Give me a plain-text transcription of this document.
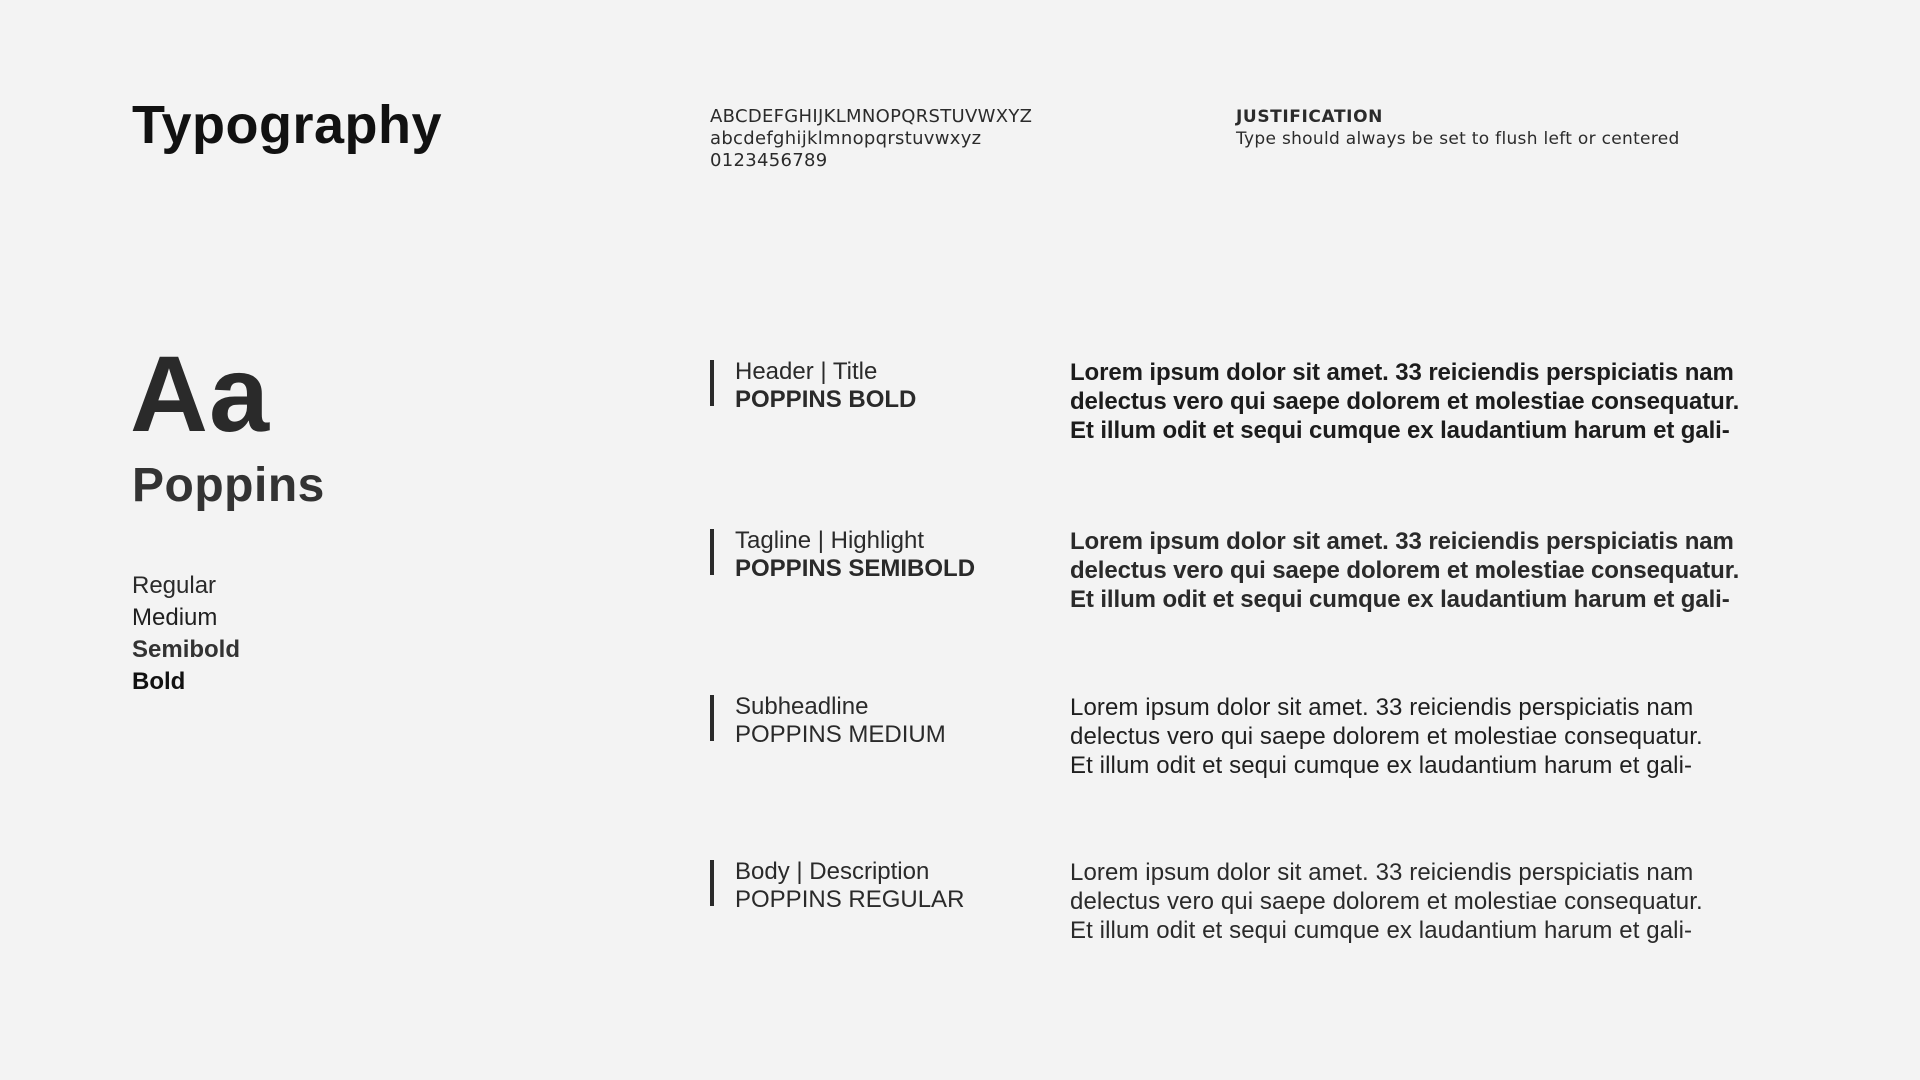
Typography	ABCDEFGHIJKLMNOPQRSTUVWXYZ
abcdefghijklmnopqrstuvwxyz
0123456789
JUSTIFICATION
Type should always be set to flush left or centered
Aa
Poppins
Regular
Medium
Semibold
Bold
Header | Title
POPPINS BOLD
Lorem ipsum dolor sit amet. 33 reiciendis perspiciatis nam
delectus vero qui saepe dolorem et molestiae consequatur.
Et illum odit et sequi cumque ex laudantium harum et gali-
Tagline | Highlight
POPPINS SEMIBOLD
Lorem ipsum dolor sit amet. 33 reiciendis perspiciatis nam
delectus vero qui saepe dolorem et molestiae consequatur.
Et illum odit et sequi cumque ex laudantium harum et gali-
Subheadline
POPPINS MEDIUM
Lorem ipsum dolor sit amet. 33 reiciendis perspiciatis nam
delectus vero qui saepe dolorem et molestiae consequatur.
Et illum odit et sequi cumque ex laudantium harum et gali-
Body | Description
POPPINS REGULAR
Lorem ipsum dolor sit amet. 33 reiciendis perspiciatis nam
delectus vero qui saepe dolorem et molestiae consequatur.
Et illum odit et sequi cumque ex laudantium harum et gali-
